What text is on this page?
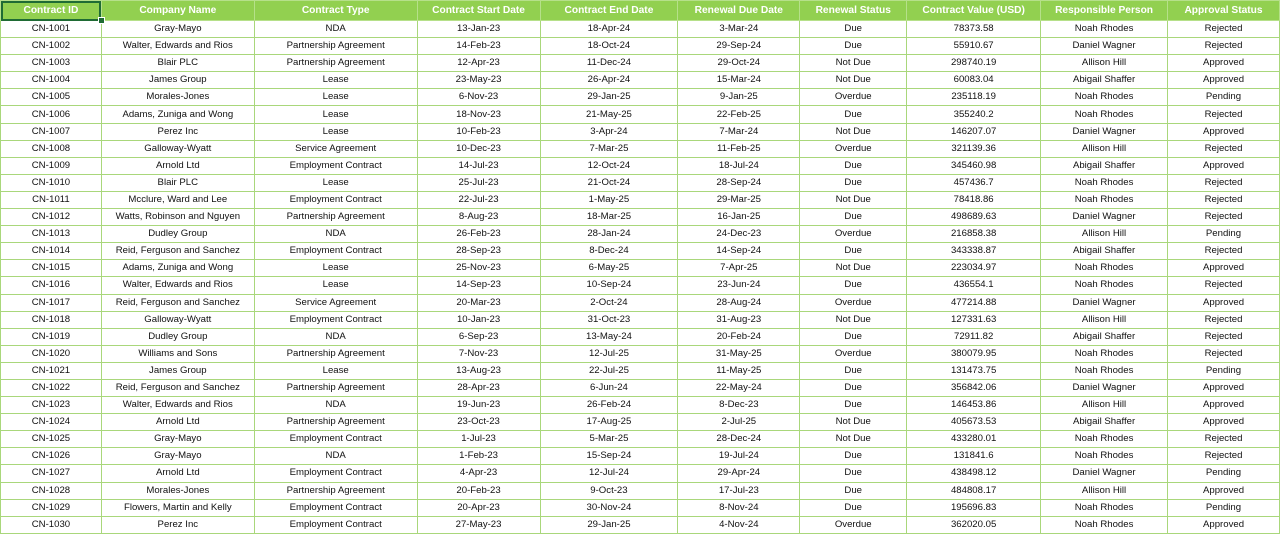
Contract ID	Company Name	Contract Type	Contract Start Date	Contract End Date	Renewal Due Date	Renewal Status	Contract Value (USD)	Responsible Person	Approval Status
CN-1001	Gray-Mayo	NDA	13-Jan-23	18-Apr-24	3-Mar-24	Due	78373.58	Noah Rhodes	Rejected
CN-1002	Walter, Edwards and Rios	Partnership Agreement	14-Feb-23	18-Oct-24	29-Sep-24	Due	55910.67	Daniel Wagner	Rejected
CN-1003	Blair PLC	Partnership Agreement	12-Apr-23	11-Dec-24	29-Oct-24	Not Due	298740.19	Allison Hill	Approved
CN-1004	James Group	Lease	23-May-23	26-Apr-24	15-Mar-24	Not Due	60083.04	Abigail Shaffer	Approved
CN-1005	Morales-Jones	Lease	6-Nov-23	29-Jan-25	9-Jan-25	Overdue	235118.19	Noah Rhodes	Pending
CN-1006	Adams, Zuniga and Wong	Lease	18-Nov-23	21-May-25	22-Feb-25	Due	355240.2	Noah Rhodes	Rejected
CN-1007	Perez Inc	Lease	10-Feb-23	3-Apr-24	7-Mar-24	Not Due	146207.07	Daniel Wagner	Approved
CN-1008	Galloway-Wyatt	Service Agreement	10-Dec-23	7-Mar-25	11-Feb-25	Overdue	321139.36	Allison Hill	Rejected
CN-1009	Arnold Ltd	Employment Contract	14-Jul-23	12-Oct-24	18-Jul-24	Due	345460.98	Abigail Shaffer	Approved
CN-1010	Blair PLC	Lease	25-Jul-23	21-Oct-24	28-Sep-24	Due	457436.7	Noah Rhodes	Rejected
CN-1011	Mcclure, Ward and Lee	Employment Contract	22-Jul-23	1-May-25	29-Mar-25	Not Due	78418.86	Noah Rhodes	Rejected
CN-1012	Watts, Robinson and Nguyen	Partnership Agreement	8-Aug-23	18-Mar-25	16-Jan-25	Due	498689.63	Daniel Wagner	Rejected
CN-1013	Dudley Group	NDA	26-Feb-23	28-Jan-24	24-Dec-23	Overdue	216858.38	Allison Hill	Pending
CN-1014	Reid, Ferguson and Sanchez	Employment Contract	28-Sep-23	8-Dec-24	14-Sep-24	Due	343338.87	Abigail Shaffer	Rejected
CN-1015	Adams, Zuniga and Wong	Lease	25-Nov-23	6-May-25	7-Apr-25	Not Due	223034.97	Noah Rhodes	Approved
CN-1016	Walter, Edwards and Rios	Lease	14-Sep-23	10-Sep-24	23-Jun-24	Due	436554.1	Noah Rhodes	Rejected
CN-1017	Reid, Ferguson and Sanchez	Service Agreement	20-Mar-23	2-Oct-24	28-Aug-24	Overdue	477214.88	Daniel Wagner	Approved
CN-1018	Galloway-Wyatt	Employment Contract	10-Jan-23	31-Oct-23	31-Aug-23	Not Due	127331.63	Allison Hill	Rejected
CN-1019	Dudley Group	NDA	6-Sep-23	13-May-24	20-Feb-24	Due	72911.82	Abigail Shaffer	Rejected
CN-1020	Williams and Sons	Partnership Agreement	7-Nov-23	12-Jul-25	31-May-25	Overdue	380079.95	Noah Rhodes	Rejected
CN-1021	James Group	Lease	13-Aug-23	22-Jul-25	11-May-25	Due	131473.75	Noah Rhodes	Pending
CN-1022	Reid, Ferguson and Sanchez	Partnership Agreement	28-Apr-23	6-Jun-24	22-May-24	Due	356842.06	Daniel Wagner	Approved
CN-1023	Walter, Edwards and Rios	NDA	19-Jun-23	26-Feb-24	8-Dec-23	Due	146453.86	Allison Hill	Approved
CN-1024	Arnold Ltd	Partnership Agreement	23-Oct-23	17-Aug-25	2-Jul-25	Not Due	405673.53	Abigail Shaffer	Approved
CN-1025	Gray-Mayo	Employment Contract	1-Jul-23	5-Mar-25	28-Dec-24	Not Due	433280.01	Noah Rhodes	Rejected
CN-1026	Gray-Mayo	NDA	1-Feb-23	15-Sep-24	19-Jul-24	Due	131841.6	Noah Rhodes	Rejected
CN-1027	Arnold Ltd	Employment Contract	4-Apr-23	12-Jul-24	29-Apr-24	Due	438498.12	Daniel Wagner	Pending
CN-1028	Morales-Jones	Partnership Agreement	20-Feb-23	9-Oct-23	17-Jul-23	Due	484808.17	Allison Hill	Approved
CN-1029	Flowers, Martin and Kelly	Employment Contract	20-Apr-23	30-Nov-24	8-Nov-24	Due	195696.83	Noah Rhodes	Pending
CN-1030	Perez Inc	Employment Contract	27-May-23	29-Jan-25	4-Nov-24	Overdue	362020.05	Noah Rhodes	Approved
